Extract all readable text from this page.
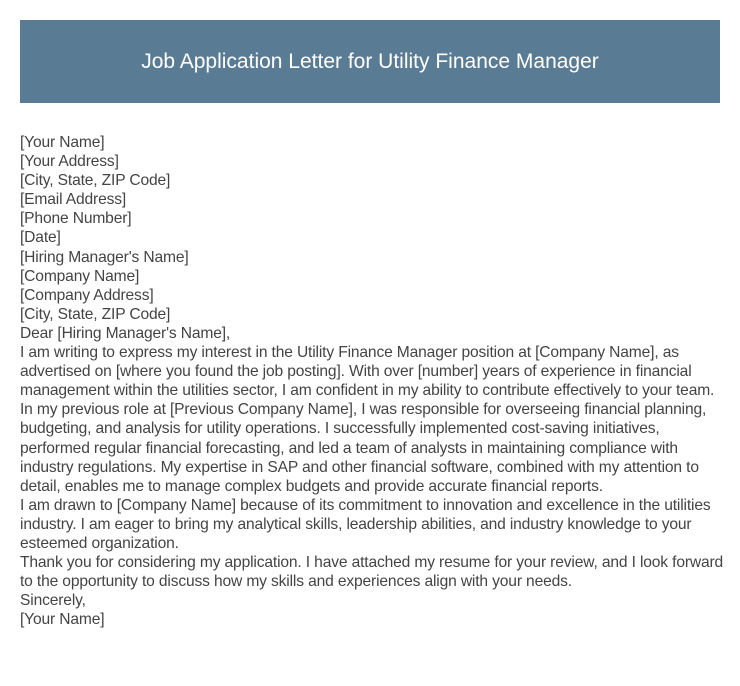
Job Application Letter for Utility Finance Manager
[Your Name]
[Your Address]
[City, State, ZIP Code]
[Email Address]
[Phone Number]
[Date]
[Hiring Manager's Name]
[Company Name]
[Company Address]
[City, State, ZIP Code]
Dear [Hiring Manager's Name],
I am writing to express my interest in the Utility Finance Manager position at [Company Name], as advertised on [where you found the job posting]. With over [number] years of experience in financial management within the utilities sector, I am confident in my ability to contribute effectively to your team.
In my previous role at [Previous Company Name], I was responsible for overseeing financial planning, budgeting, and analysis for utility operations. I successfully implemented cost-saving initiatives, performed regular financial forecasting, and led a team of analysts in maintaining compliance with industry regulations. My expertise in SAP and other financial software, combined with my attention to detail, enables me to manage complex budgets and provide accurate financial reports.
I am drawn to [Company Name] because of its commitment to innovation and excellence in the utilities industry. I am eager to bring my analytical skills, leadership abilities, and industry knowledge to your esteemed organization.
Thank you for considering my application. I have attached my resume for your review, and I look forward to the opportunity to discuss how my skills and experiences align with your needs.
Sincerely,
[Your Name]
